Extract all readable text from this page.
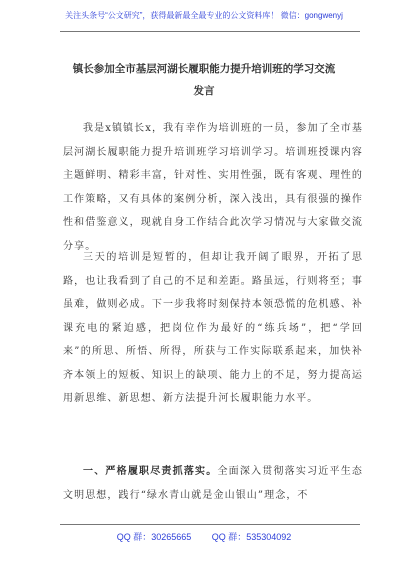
关注头条号“公文研究”，获得最新最全最专业的公文资料库！ 微信：gongwenyj
镇长参加全市基层河湖长履职能力提升培训班的学习交流
发言

我是x镇镇长x，我有幸作为培训班的一员，参加了全市基层河湖长履职能力提升培训班学习培训学习。培训班授课内容主题鲜明、精彩丰富，针对性、实用性强，既有客观、理性的工作策略，又有具体的案例分析，深入浅出，具有很强的操作性和借鉴意义，现就自身工作结合此次学习情况与大家做交流分享。

三天的培训是短暂的，但却让我开阔了眼界，开拓了思路，也让我看到了自己的不足和差距。路虽远，行则将至；事虽难，做则必成。下一步我将时刻保持本领恐慌的危机感、补课充电的紧迫感，把岗位作为最好的“练兵场”，把“学回来”的所思、所悟、所得，所获与工作实际联系起来，加快补齐本领上的短板、知识上的缺项、能力上的不足，努力提高运用新思维、新思想、新方法提升河长履职能力水平。

一、严格履职尽责抓落实。全面深入贯彻落实习近平生态文明思想，践行“绿水青山就是金山银山”理念，不

QQ 群：30265665 QQ 群：535304092
